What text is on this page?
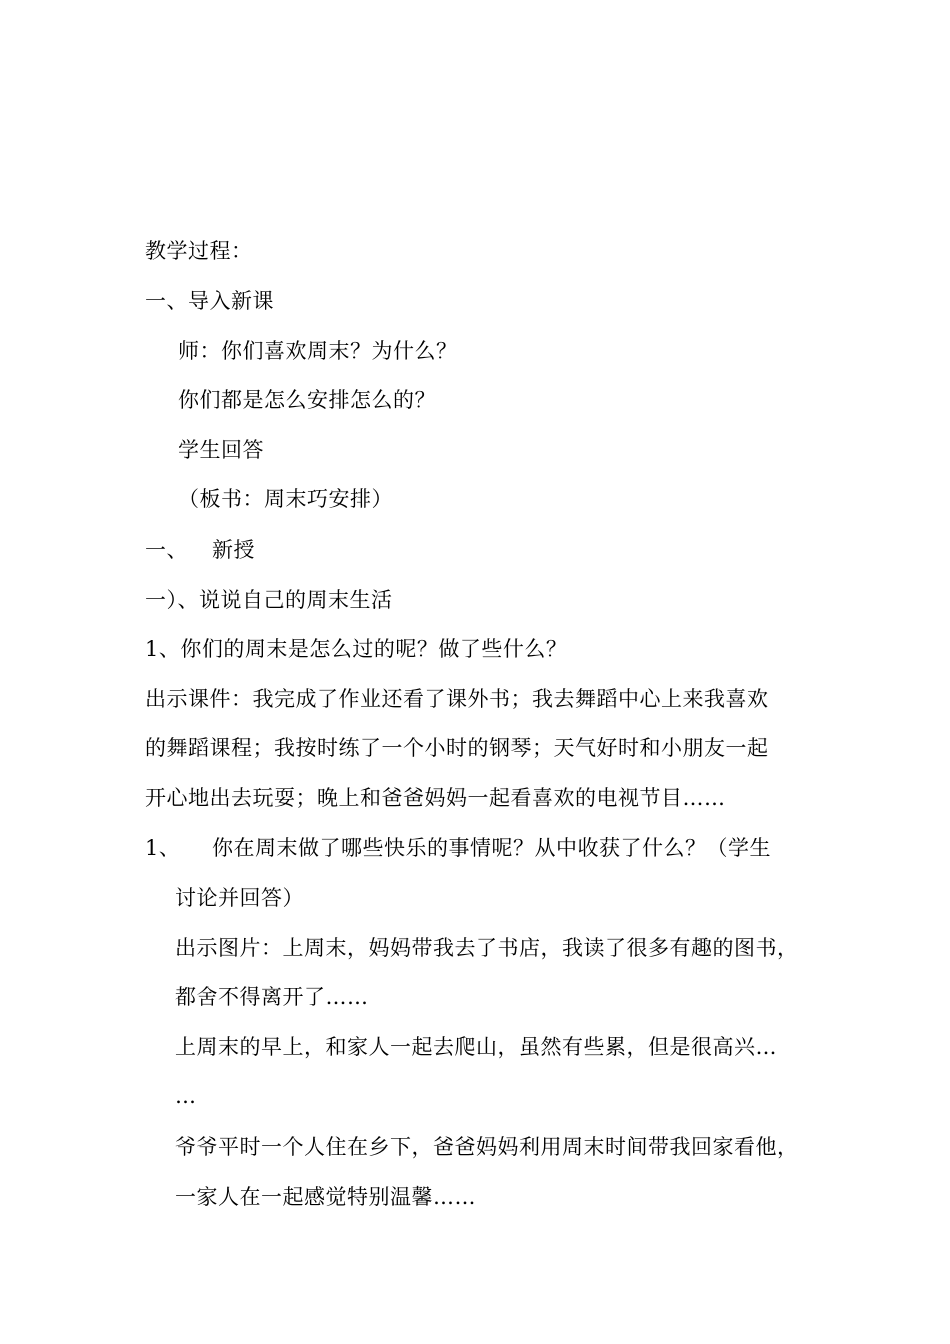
教学过程：
一、导入新课
师：你们喜欢周末？为什么？
你们都是怎么安排怎么的？
学生回答
（板书：周末巧安排）
一、 新授
一）、说说自己的周末生活
1、你们的周末是怎么过的呢？做了些什么？
出示课件：我完成了作业还看了课外书；我去舞蹈中心上来我喜欢
的舞蹈课程；我按时练了一个小时的钢琴；天气好时和小朋友一起
开心地出去玩耍；晚上和爸爸妈妈一起看喜欢的电视节目……
1、 你在周末做了哪些快乐的事情呢？从中收获了什么？（学生
讨论并回答）
出示图片：上周末，妈妈带我去了书店，我读了很多有趣的图书，
都舍不得离开了……
上周末的早上，和家人一起去爬山，虽然有些累，但是很高兴…
…
爷爷平时一个人住在乡下，爸爸妈妈利用周末时间带我回家看他，
一家人在一起感觉特别温馨……
